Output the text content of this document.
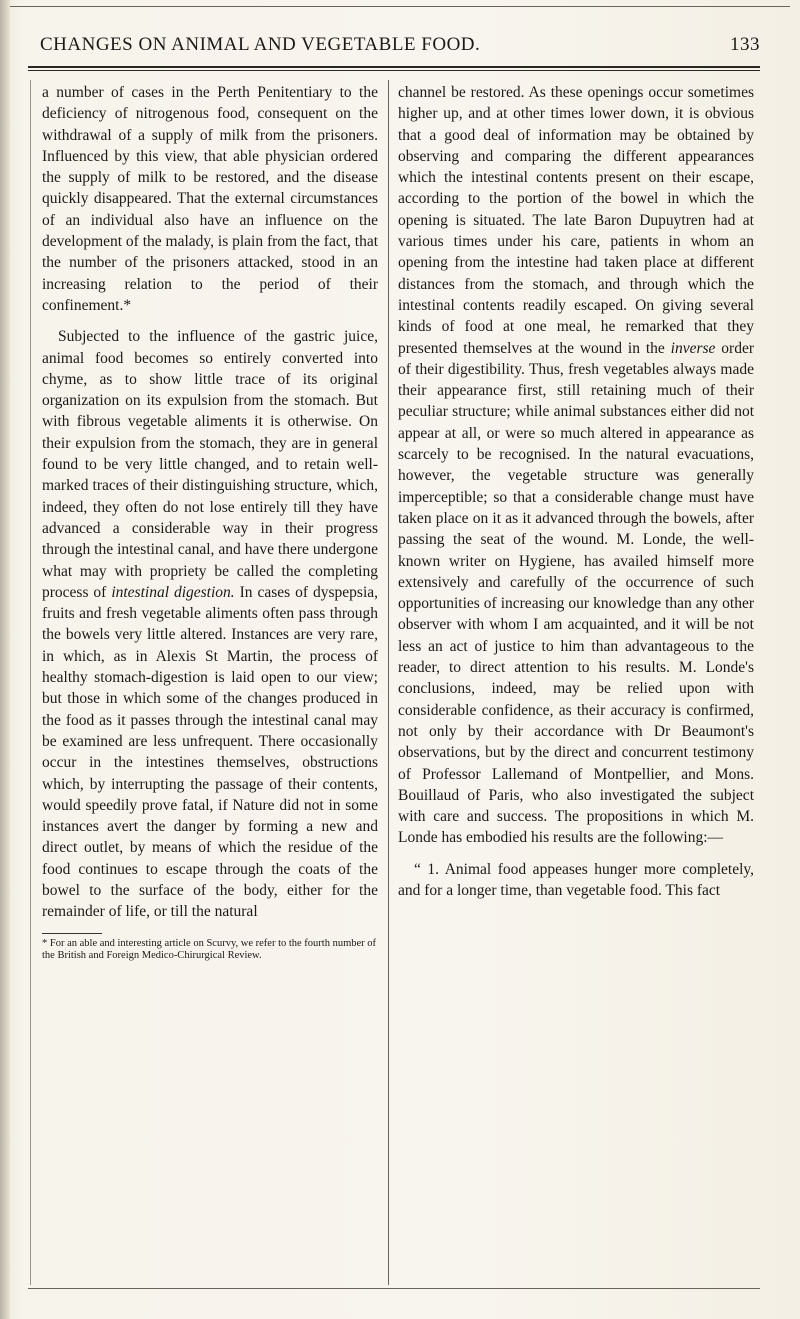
CHANGES ON ANIMAL AND VEGETABLE FOOD.	133

a number of cases in the Perth Penitentiary to the deficiency of nitrogenous food, consequent on the withdrawal of a supply of milk from the prisoners. Influenced by this view, that able physician ordered the supply of milk to be restored, and the disease quickly disappeared. That the external circumstances of an individual also have an influence on the development of the malady, is plain from the fact, that the number of the prisoners attacked, stood in an increasing relation to the period of their confinement.*

Subjected to the influence of the gastric juice, animal food becomes so entirely converted into chyme, as to show little trace of its original organization on its expulsion from the stomach. But with fibrous vegetable aliments it is otherwise. On their expulsion from the stomach, they are in general found to be very little changed, and to retain well-marked traces of their distinguishing structure, which, indeed, they often do not lose entirely till they have advanced a considerable way in their progress through the intestinal canal, and have there undergone what may with propriety be called the completing process of intestinal digestion. In cases of dyspepsia, fruits and fresh vegetable aliments often pass through the bowels very little altered. Instances are very rare, in which, as in Alexis St Martin, the process of healthy stomach-digestion is laid open to our view; but those in which some of the changes produced in the food as it passes through the intestinal canal may be examined are less unfrequent. There occasionally occur in the intestines themselves, obstructions which, by interrupting the passage of their contents, would speedily prove fatal, if Nature did not in some instances avert the danger by forming a new and direct outlet, by means of which the residue of the food continues to escape through the coats of the bowel to the surface of the body, either for the remainder of life, or till the natural

* For an able and interesting article on Scurvy, we refer to the fourth number of the British and Foreign Medico-Chirurgical Review.

channel be restored. As these openings occur sometimes higher up, and at other times lower down, it is obvious that a good deal of information may be obtained by observing and comparing the different appearances which the intestinal contents present on their escape, according to the portion of the bowel in which the opening is situated. The late Baron Dupuytren had at various times under his care, patients in whom an opening from the intestine had taken place at different distances from the stomach, and through which the intestinal contents readily escaped. On giving several kinds of food at one meal, he remarked that they presented themselves at the wound in the inverse order of their digestibility. Thus, fresh vegetables always made their appearance first, still retaining much of their peculiar structure; while animal substances either did not appear at all, or were so much altered in appearance as scarcely to be recognised. In the natural evacuations, however, the vegetable structure was generally imperceptible; so that a considerable change must have taken place on it as it advanced through the bowels, after passing the seat of the wound. M. Londe, the well-known writer on Hygiene, has availed himself more extensively and carefully of the occurrence of such opportunities of increasing our knowledge than any other observer with whom I am acquainted, and it will be not less an act of justice to him than advantageous to the reader, to direct attention to his results. M. Londe's conclusions, indeed, may be relied upon with considerable confidence, as their accuracy is confirmed, not only by their accordance with Dr Beaumont's observations, but by the direct and concurrent testimony of Professor Lallemand of Montpellier, and Mons. Bouillaud of Paris, who also investigated the subject with care and success. The propositions in which M. Londe has embodied his results are the following:—

“ 1. Animal food appeases hunger more completely, and for a longer time, than vegetable food. This fact
